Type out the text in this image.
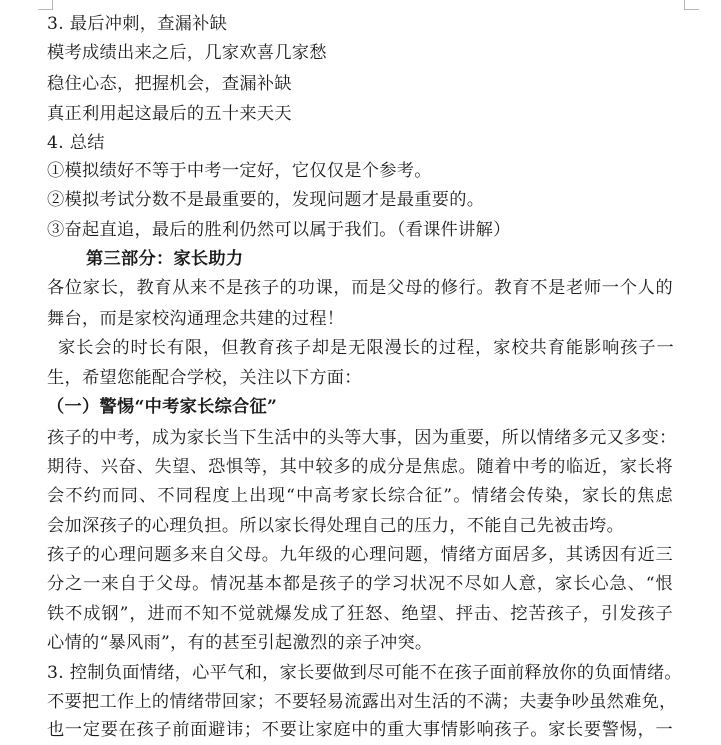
3. 最后冲刺，查漏补缺
模考成绩出来之后，几家欢喜几家愁
稳住心态，把握机会，查漏补缺
真正利用起这最后的五十来天天
4. 总结
①模拟绩好不等于中考一定好，它仅仅是个参考。
②模拟考试分数不是最重要的，发现问题才是最重要的。
③奋起直追，最后的胜利仍然可以属于我们。（看课件讲解）
第三部分：家长助力
各位家长，教育从来不是孩子的功课，而是父母的修行。教育不是老师一个人的
舞台，而是家校沟通理念共建的过程！
家长会的时长有限，但教育孩子却是无限漫长的过程，家校共育能影响孩子一
生，希望您能配合学校，关注以下方面：
（一）警惕“中考家长综合征”
孩子的中考，成为家长当下生活中的头等大事，因为重要，所以情绪多元又多变：
期待、兴奋、失望、恐惧等，其中较多的成分是焦虑。随着中考的临近，家长将
会不约而同、不同程度上出现“中高考家长综合征”。情绪会传染，家长的焦虑
会加深孩子的心理负担。所以家长得处理自己的压力，不能自己先被击垮。
孩子的心理问题多来自父母。九年级的心理问题，情绪方面居多，其诱因有近三
分之一来自于父母。情况基本都是孩子的学习状况不尽如人意，家长心急、“恨
铁不成钢”，进而不知不觉就爆发成了狂怒、绝望、抨击、挖苦孩子，引发孩子
心情的“暴风雨”，有的甚至引起激烈的亲子冲突。
3. 控制负面情绪，心平气和，家长要做到尽可能不在孩子面前释放你的负面情绪。
不要把工作上的情绪带回家；不要轻易流露出对生活的不满；夫妻争吵虽然难免，
也一定要在孩子前面避讳；不要让家庭中的重大事情影响孩子。家长要警惕，一
